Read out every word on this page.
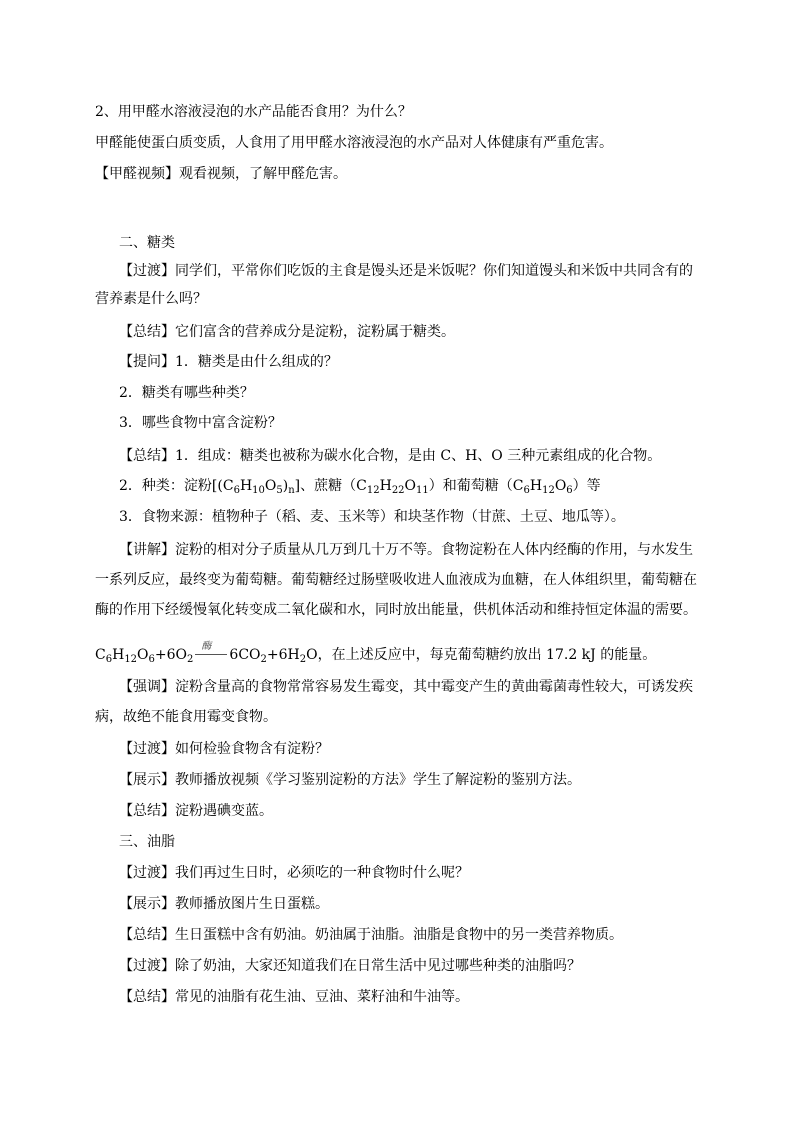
2、用甲醛水溶液浸泡的水产品能否食用？为什么？
甲醛能使蛋白质变质，人食用了用甲醛水溶液浸泡的水产品对人体健康有严重危害。
【甲醛视频】观看视频，了解甲醛危害。
二、糖类
【过渡】同学们，平常你们吃饭的主食是馒头还是米饭呢？你们知道馒头和米饭中共同含有的
营养素是什么吗？
【总结】它们富含的营养成分是淀粉，淀粉属于糖类。
【提问】1．糖类是由什么组成的？
2．糖类有哪些种类？
3．哪些食物中富含淀粉？
【总结】1．组成：糖类也被称为碳水化合物，是由 C、H、O 三种元素组成的化合物。
2．种类：淀粉$[(C_6H_{10}O_5)_n]$、蔗糖$(C_{12}H_{22}O_{11})$和葡萄糖$(C_6H_{12}O_6)$等
3．食物来源：植物种子（稻、麦、玉米等）和块茎作物（甘蔗、土豆、地瓜等）。
【讲解】淀粉的相对分子质量从几万到几十万不等。食物淀粉在人体内经酶的作用，与水发生
一系列反应，最终变为葡萄糖。葡萄糖经过肠壁吸收进人血液成为血糖，在人体组织里，葡萄糖在
酶的作用下经缓慢氧化转变成二氧化碳和水，同时放出能量，供机体活动和维持恒定体温的需要。
$C_6H_{12}O_6+6O_2$
酶
$6CO_2+6H_2O$，在上述反应中，每克葡萄糖约放出 17.2 kJ 的能量。
【强调】淀粉含量高的食物常常容易发生霉变，其中霉变产生的黄曲霉菌毒性较大，可诱发疾
病，故绝不能食用霉变食物。
【过渡】如何检验食物含有淀粉？
【展示】教师播放视频《学习鉴别淀粉的方法》学生了解淀粉的鉴别方法。
【总结】淀粉遇碘变蓝。
三、油脂
【过渡】我们再过生日时，必须吃的一种食物时什么呢？
【展示】教师播放图片生日蛋糕。
【总结】生日蛋糕中含有奶油。奶油属于油脂。油脂是食物中的另一类营养物质。
【过渡】除了奶油，大家还知道我们在日常生活中见过哪些种类的油脂吗？
【总结】常见的油脂有花生油、豆油、菜籽油和牛油等。
